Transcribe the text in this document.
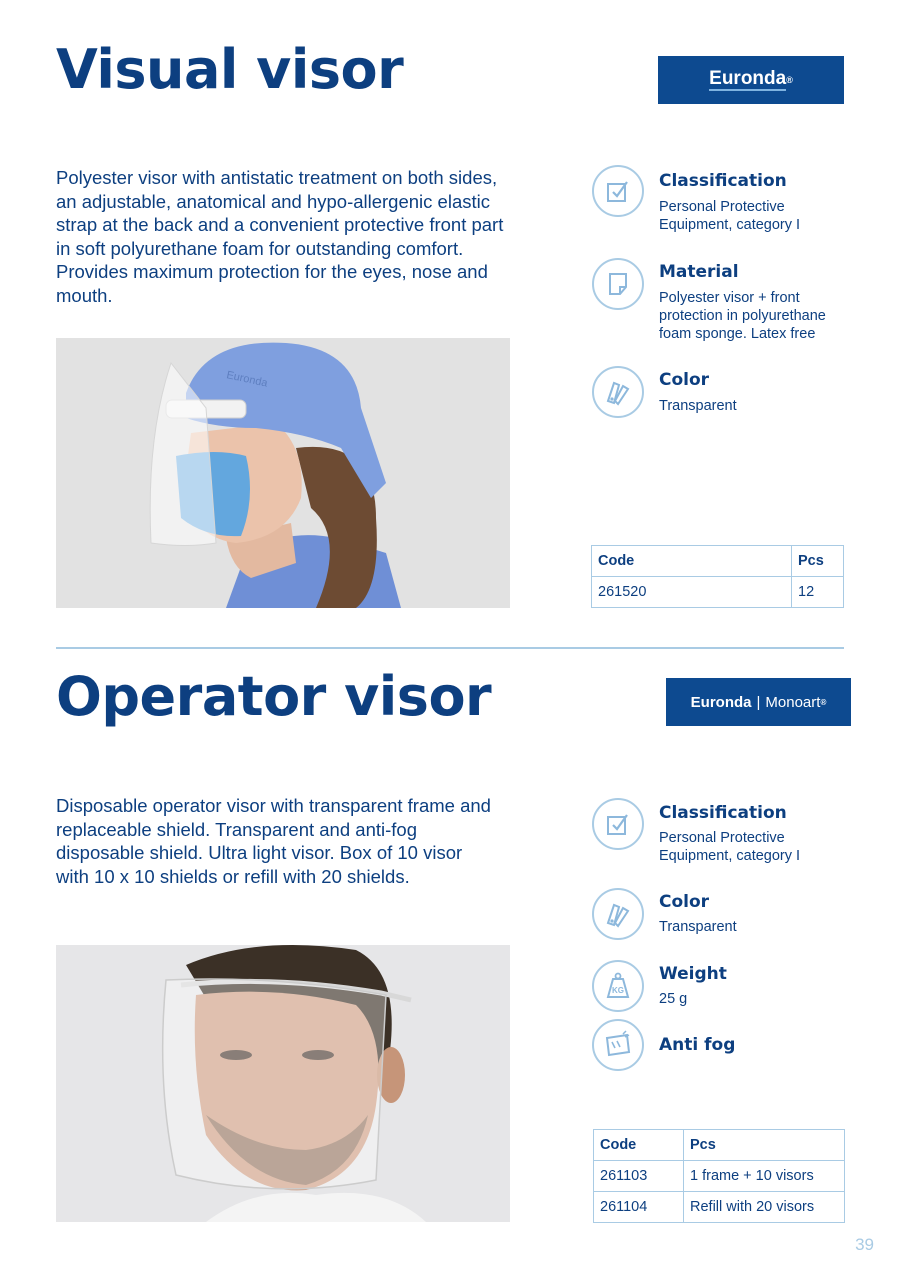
Visual visor	Euronda ®

Polyester visor with antistatic treatment on both sides, an adjustable, anatomical and hypo-allergenic elastic strap at the back and a convenient protective front part in soft polyurethane foam for outstanding comfort. Provides maximum protection for the eyes, nose and mouth.

Euronda
Classification
Personal Protective Equipment, category I
Material
Polyester visor + front protection in polyurethane foam sponge. Latex free
Color
Transparent
Code	Pcs
261520	12
Operator visor	Euronda | Monoart ®

Disposable operator visor with transparent frame and replaceable shield. Transparent and anti-fog disposable shield. Ultra light visor. Box of 10 visor with 10 x 10 shields or refill with 20 shields.

Classification
Personal Protective Equipment, category I
Color
Transparent
KG
Weight
25 g
Anti fog
Code	Pcs
261103	1 frame + 10 visors
261104	Refill with 20 visors
39
